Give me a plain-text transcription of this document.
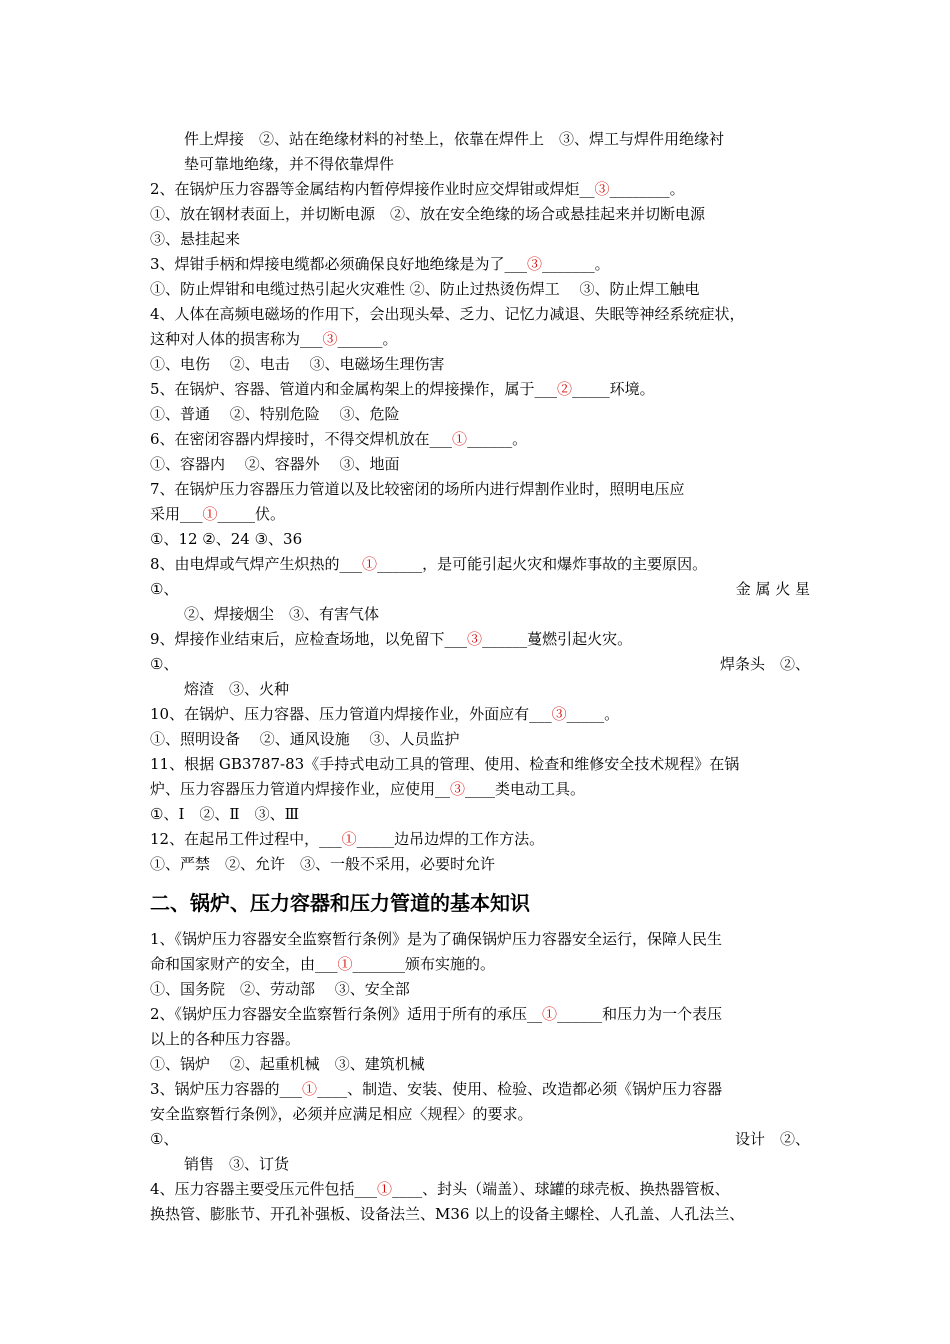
件上焊接　②、站在绝缘材料的衬垫上，依靠在焊件上　③、焊工与焊件用绝缘衬
垫可靠地绝缘，并不得依靠焊件
2、在锅炉压力容器等金属结构内暂停焊接作业时应交焊钳或焊炬__③________。
①、放在钢材表面上，并切断电源　②、放在安全绝缘的场合或悬挂起来并切断电源
③、悬挂起来
3、焊钳手柄和焊接电缆都必须确保良好地绝缘是为了___③_______。
①、防止焊钳和电缆过热引起火灾难性 ②、防止过热烫伤焊工　 ③、防止焊工触电
4、人体在高频电磁场的作用下，会出现头晕、乏力、记忆力减退、失眠等神经系统症状，
这种对人体的损害称为___③______。
①、电伤　 ②、电击　 ③、电磁场生理伤害
5、在锅炉、容器、管道内和金属构架上的焊接操作，属于___②_____环境。
①、普通　 ②、特别危险　 ③、危险
6、在密闭容器内焊接时，不得交焊机放在___①______。
①、容器内　 ②、容器外　 ③、地面
7、在锅炉压力容器压力管道以及比较密闭的场所内进行焊割作业时，照明电压应
采用___①_____伏。
①、12 ②、24 ③、36
8、由电焊或气焊产生炽热的___①______，是可能引起火灾和爆炸事故的主要原因。
①、	金 属 火 星
②、焊接烟尘　③、有害气体
9、焊接作业结束后，应检查场地，以免留下___③______蔓燃引起火灾。
①、	焊条头　②、
熔渣　③、火种
10、在锅炉、压力容器、压力管道内焊接作业，外面应有___③_____。
①、照明设备　 ②、通风设施　 ③、人员监护
11、根据 GB3787-83《手持式电动工具的管理、使用、检查和维修安全技术规程》在锅
炉、压力容器压力管道内焊接作业，应使用__③____类电动工具。
①、Ⅰ　②、Ⅱ　③、Ⅲ
12、在起吊工件过程中，___①_____边吊边焊的工作方法。
①、严禁　②、允许　③、一般不采用，必要时允许
二、锅炉、压力容器和压力管道的基本知识
1、《锅炉压力容器安全监察暂行条例》是为了确保锅炉压力容器安全运行，保障人民生
命和国家财产的安全，由___①_______颁布实施的。
①、国务院　②、劳动部　 ③、安全部
2、《锅炉压力容器安全监察暂行条例》适用于所有的承压__①______和压力为一个表压
以上的各种压力容器。
①、锅炉　 ②、起重机械　③、建筑机械
3、锅炉压力容器的___①____、制造、安装、使用、检验、改造都必须《锅炉压力容器
安全监察暂行条例》，必须并应满足相应〈规程〉的要求。
①、	设计　②、
销售　③、订货
4、压力容器主要受压元件包括___①____、封头（端盖）、球罐的球壳板、换热器管板、
换热管、膨胀节、开孔补强板、设备法兰、M36 以上的设备主螺栓、人孔盖、人孔法兰、
